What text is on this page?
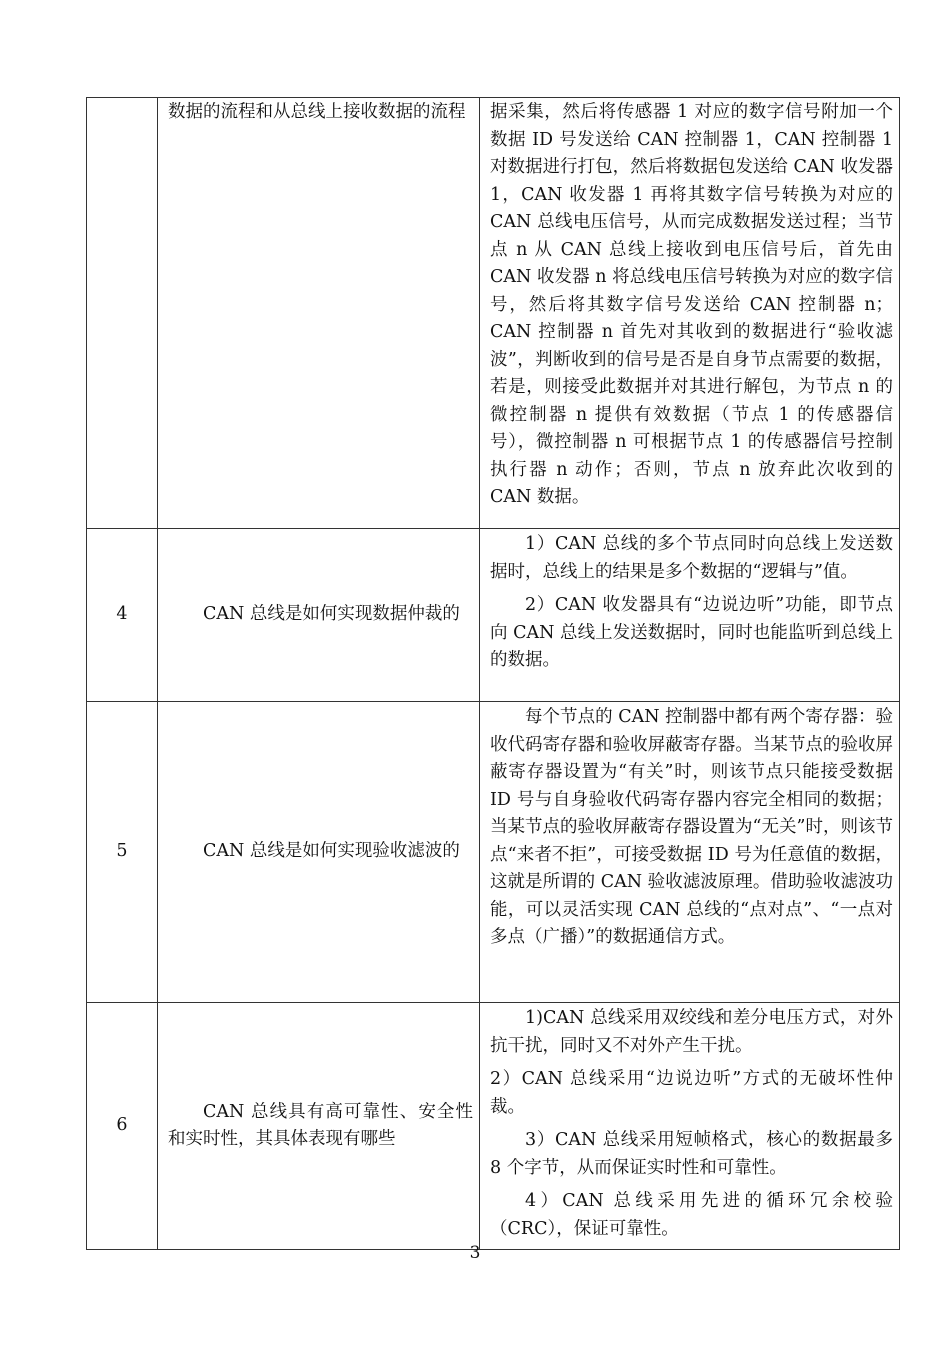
	数据的流程和从总线上接收数据的流程	据采集，然后将传感器 1 对应的数字信号附加一个数据 ID 号发送给 CAN 控制器 1，CAN 控制器 1 对数据进行打包，然后将数据包发送给 CAN 收发器 1，CAN 收发器 1 再将其数字信号转换为对应的 CAN 总线电压信号，从而完成数据发送过程；当节点 n 从 CAN 总线上接收到电压信号后，首先由 CAN 收发器 n 将总线电压信号转换为对应的数字信号，然后将其数字信号发送给 CAN 控制器 n；CAN 控制器 n 首先对其收到的数据进行“验收滤波”，判断收到的信号是否是自身节点需要的数据，若是，则接受此数据并对其进行解包，为节点 n 的微控制器 n 提供有效数据（节点 1 的传感器信号），微控制器 n 可根据节点 1 的传感器信号控制执行器 n 动作；否则，节点 n 放弃此次收到的 CAN 数据。

4	CAN 总线是如何实现数据仲裁的	1）CAN 总线的多个节点同时向总线上发送数据时，总线上的结果是多个数据的“逻辑与”值。
2）CAN 收发器具有“边说边听”功能，即节点向 CAN 总线上发送数据时，同时也能监听到总线上的数据。

5	CAN 总线是如何实现验收滤波的	每个节点的 CAN 控制器中都有两个寄存器：验收代码寄存器和验收屏蔽寄存器。当某节点的验收屏蔽寄存器设置为“有关”时，则该节点只能接受数据 ID 号与自身验收代码寄存器内容完全相同的数据；当某节点的验收屏蔽寄存器设置为“无关”时，则该节点“来者不拒”，可接受数据 ID 号为任意值的数据，这就是所谓的 CAN 验收滤波原理。借助验收滤波功能，可以灵活实现 CAN 总线的“点对点”、“一点对多点（广播）”的数据通信方式。

6	CAN 总线具有高可靠性、安全性和实时性，其具体表现有哪些	1)CAN 总线采用双绞线和差分电压方式，对外抗干扰，同时又不对外产生干扰。
2）CAN 总线采用“边说边听”方式的无破坏性仲裁。
3）CAN 总线采用短帧格式，核心的数据最多 8 个字节，从而保证实时性和可靠性。
4）CAN 总线采用先进的循环冗余校验（CRC），保证可靠性。
3
